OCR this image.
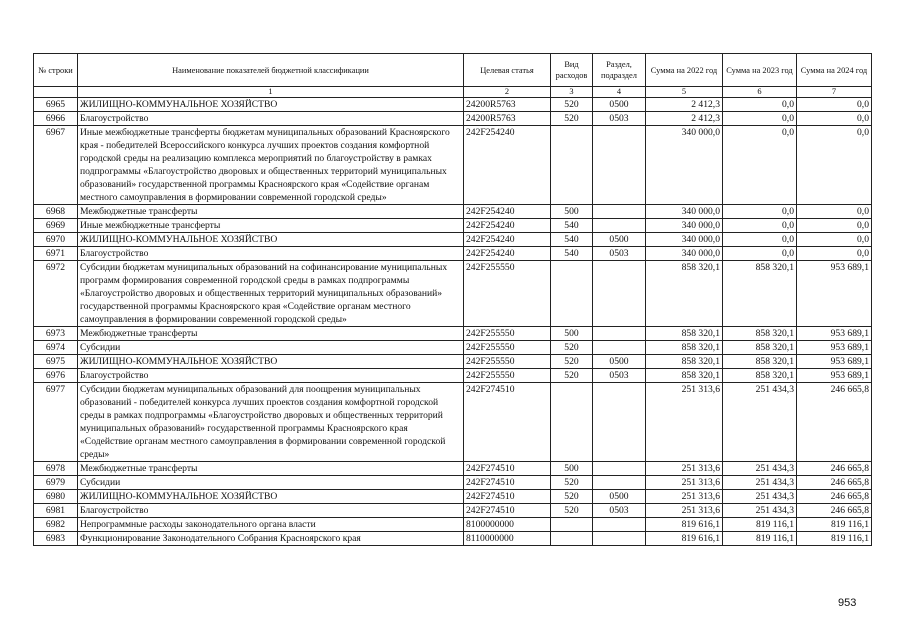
№ строки	Наименование показателей бюджетной классификации	Целевая статья	Вид расходов	Раздел, подраздел	Сумма на 2022 год	Сумма на 2023 год	Сумма на 2024 год
	1	2	3	4	5	6	7
6965	ЖИЛИЩНО-КОММУНАЛЬНОЕ ХОЗЯЙСТВО	24200R5763	520	0500	2 412,3	0,0	0,0
6966	Благоустройство	24200R5763	520	0503	2 412,3	0,0	0,0
6967	Иные межбюджетные трансферты бюджетам муниципальных образований Красноярского края - победителей Всероссийского конкурса лучших проектов создания комфортной городской среды на реализацию комплекса мероприятий по благоустройству в рамках подпрограммы «Благоустройство дворовых и общественных территорий муниципальных образований» государственной программы Красноярского края «Содействие органам местного самоуправления в формировании современной городской среды»	242F254240			340 000,0	0,0	0,0
6968	Межбюджетные трансферты	242F254240	500		340 000,0	0,0	0,0
6969	Иные межбюджетные трансферты	242F254240	540		340 000,0	0,0	0,0
6970	ЖИЛИЩНО-КОММУНАЛЬНОЕ ХОЗЯЙСТВО	242F254240	540	0500	340 000,0	0,0	0,0
6971	Благоустройство	242F254240	540	0503	340 000,0	0,0	0,0
6972	Субсидии бюджетам муниципальных образований на софинансирование муниципальных программ формирования современной городской среды в рамках подпрограммы «Благоустройство дворовых и общественных территорий муниципальных образований» государственной программы Красноярского края «Содействие органам местного самоуправления в формировании современной городской среды»	242F255550			858 320,1	858 320,1	953 689,1
6973	Межбюджетные трансферты	242F255550	500		858 320,1	858 320,1	953 689,1
6974	Субсидии	242F255550	520		858 320,1	858 320,1	953 689,1
6975	ЖИЛИЩНО-КОММУНАЛЬНОЕ ХОЗЯЙСТВО	242F255550	520	0500	858 320,1	858 320,1	953 689,1
6976	Благоустройство	242F255550	520	0503	858 320,1	858 320,1	953 689,1
6977	Субсидии бюджетам муниципальных образований для поощрения муниципальных образований - победителей конкурса лучших проектов создания комфортной городской среды в рамках подпрограммы «Благоустройство дворовых и общественных территорий муниципальных образований» государственной программы Красноярского края «Содействие органам местного самоуправления в формировании современной городской среды»	242F274510			251 313,6	251 434,3	246 665,8
6978	Межбюджетные трансферты	242F274510	500		251 313,6	251 434,3	246 665,8
6979	Субсидии	242F274510	520		251 313,6	251 434,3	246 665,8
6980	ЖИЛИЩНО-КОММУНАЛЬНОЕ ХОЗЯЙСТВО	242F274510	520	0500	251 313,6	251 434,3	246 665,8
6981	Благоустройство	242F274510	520	0503	251 313,6	251 434,3	246 665,8
6982	Непрограммные расходы законодательного органа власти	8100000000			819 616,1	819 116,1	819 116,1
6983	Функционирование Законодательного Собрания Красноярского края	8110000000			819 616,1	819 116,1	819 116,1
953
